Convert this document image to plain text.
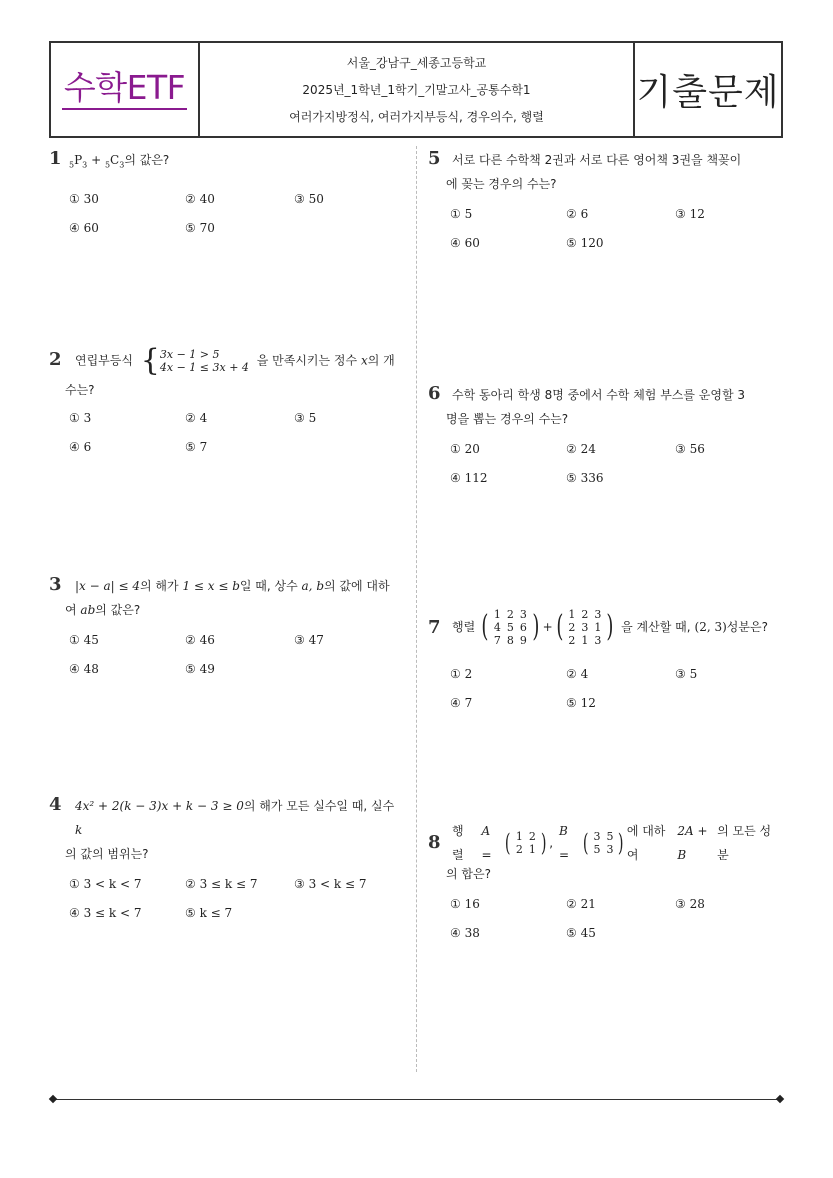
수학ETF
서울_강남구_세종고등학교
2025년_1학년_1학기_기말고사_공통수학1
여러가지방정식, 여러가지부등식, 경우의수, 행렬
기출문제
1 $_5P_3 + _5C_3$의 값은?
① 30	② 40	③ 50
④ 60	⑤ 70
2 연립부등식 { 3x − 1 > 5
4x − 1 ≤ 3x + 4 을 만족시키는 정수 x의 개
수는?
① 3	② 4	③ 5
④ 6	⑤ 7
3 |x − a| ≤ 4의 해가 1 ≤ x ≤ b일 때, 상수 a, b의 값에 대하
여 ab의 값은?
① 45	② 46	③ 47
④ 48	⑤ 49
4 4x² + 2(k − 3)x + k − 3 ≥ 0의 해가 모든 실수일 때, 실수 k
의 값의 범위는?
① 3 < k < 7	② 3 ≤ k ≤ 7	③ 3 < k ≤ 7
④ 3 ≤ k < 7	⑤ k ≤ 7
5 서로 다른 수학책 2권과 서로 다른 영어책 3권을 책꽂이
에 꽂는 경우의 수는?
① 5	② 6	③ 12
④ 60	⑤ 120
6 수학 동아리 학생 8명 중에서 수학 체험 부스를 운영할 3
명을 뽑는 경우의 수는?
① 20	② 24	③ 56
④ 112	⑤ 336
7 행렬 ( 1	2	3
4	5	6
7	8	9 ) + ( 1	2	3
2	3	1
2	1	3 ) 을 계산할 때, (2, 3) 성분은?
① 2	② 4	③ 5
④ 7	⑤ 12
8
행렬
A = ( 1	2
2	1 ) ,
B = ( 3	5
5	3 ) 에 대하여
2A + B
의 모든 성분
의 합은?
① 16	② 21	③ 28
④ 38	⑤ 45
